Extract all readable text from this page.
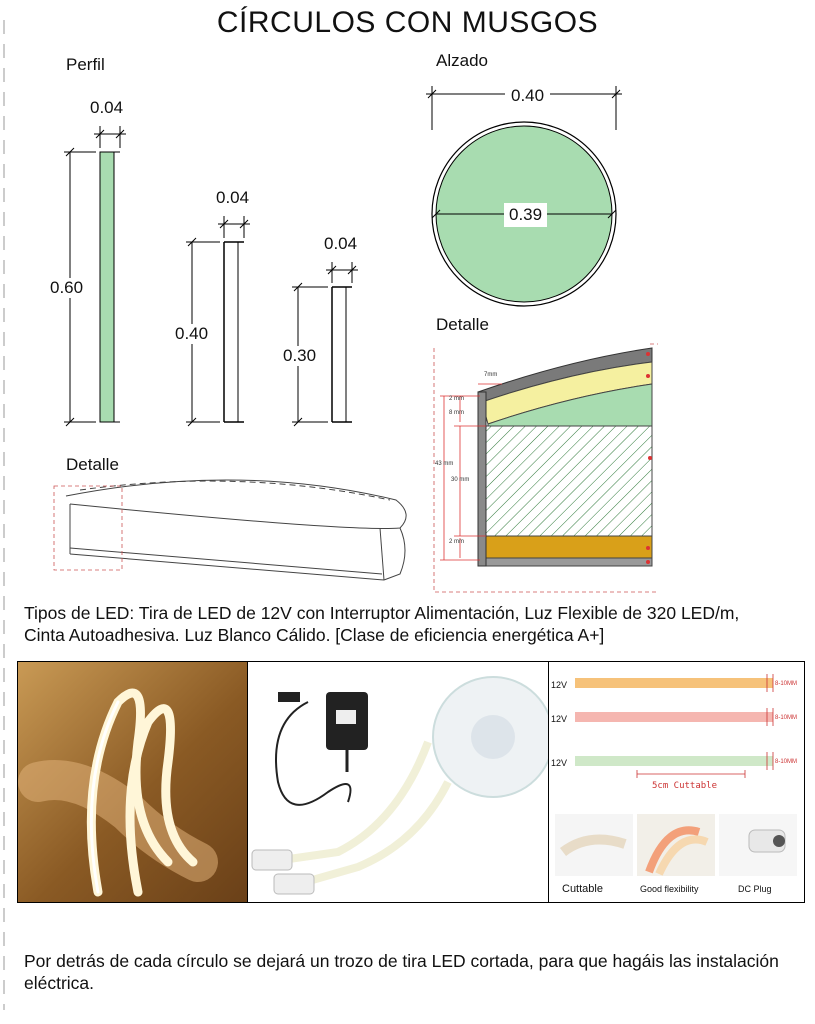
CÍRCULOS CON MUSGOS
Perfil
0.04
0.60
0.04
0.40
0.04
0.30
Alzado
0.40
0.39
Detalle
7mm
2 mm
8 mm
43 mm
30 mm
2 mm
Detalle
Tipos de LED: Tira de LED de 12V con Interruptor Alimentación, Luz Flexible de 320 LED/m, Cinta Autoadhesiva. Luz Blanco Cálido. [Clase de eficiencia energética A+]
12V
12V
12V
8-10MM
8-10MM
8-10MM
5cm Cuttable
Cuttable	Good flexibility	DC Plug
Por detrás de cada círculo se dejará un trozo de tira LED cortada, para que hagáis las instalación eléctrica.
